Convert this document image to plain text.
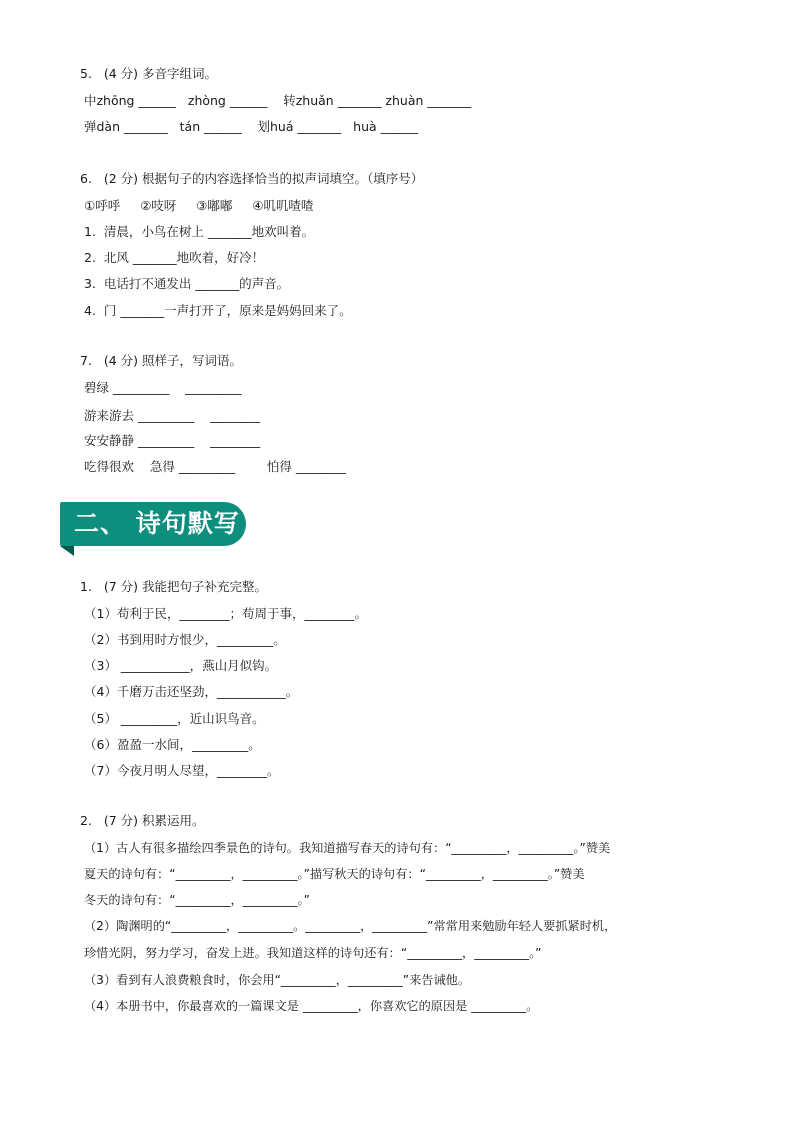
5.   (4 分) 多音字组词。
中zhōng ______   zhòng ______    转zhuǎn _______ zhuàn _______
弹dàn _______   tán ______    划huá _______   huà ______
6.   (2 分) 根据句子的内容选择恰当的拟声词填空。（填序号）
①呼呼     ②吱呀     ③嘟嘟     ④叽叽喳喳
1.  清晨，小鸟在树上 _______地欢叫着。
2.  北风 _______地吹着，好冷！
3.  电话打不通发出 _______的声音。
4.  门 _______一声打开了，原来是妈妈回来了。
7.   (4 分) 照样子，写词语。
碧绿 _________    _________
游来游去 _________    ________
安安静静 _________    ________
吃得很欢    急得 _________        怕得 ________
二、 诗句默写
1.   (7 分) 我能把句子补充完整。
（1）苟利于民，________；苟周于事，________。
（2）书到用时方恨少，_________。
（3） ___________，燕山月似钩。
（4）千磨万击还坚劲，___________。
（5） _________，近山识鸟音。
（6）盈盈一水间，_________。
（7）今夜月明人尽望，________。
2.   (7 分) 积累运用。
（1）古人有很多描绘四季景色的诗句。我知道描写春天的诗句有：“_________，_________。”赞美
夏天的诗句有：“_________，_________。”描写秋天的诗句有：“_________，_________。”赞美
冬天的诗句有：“_________，_________。”
（2）陶渊明的“_________，_________。_________，_________”常常用来勉励年轻人要抓紧时机，
珍惜光阴，努力学习，奋发上进。我知道这样的诗句还有：“_________，_________。”
（3）看到有人浪费粮食时，你会用“_________，_________”来告诫他。
（4）本册书中，你最喜欢的一篇课文是 _________，你喜欢它的原因是 _________。
